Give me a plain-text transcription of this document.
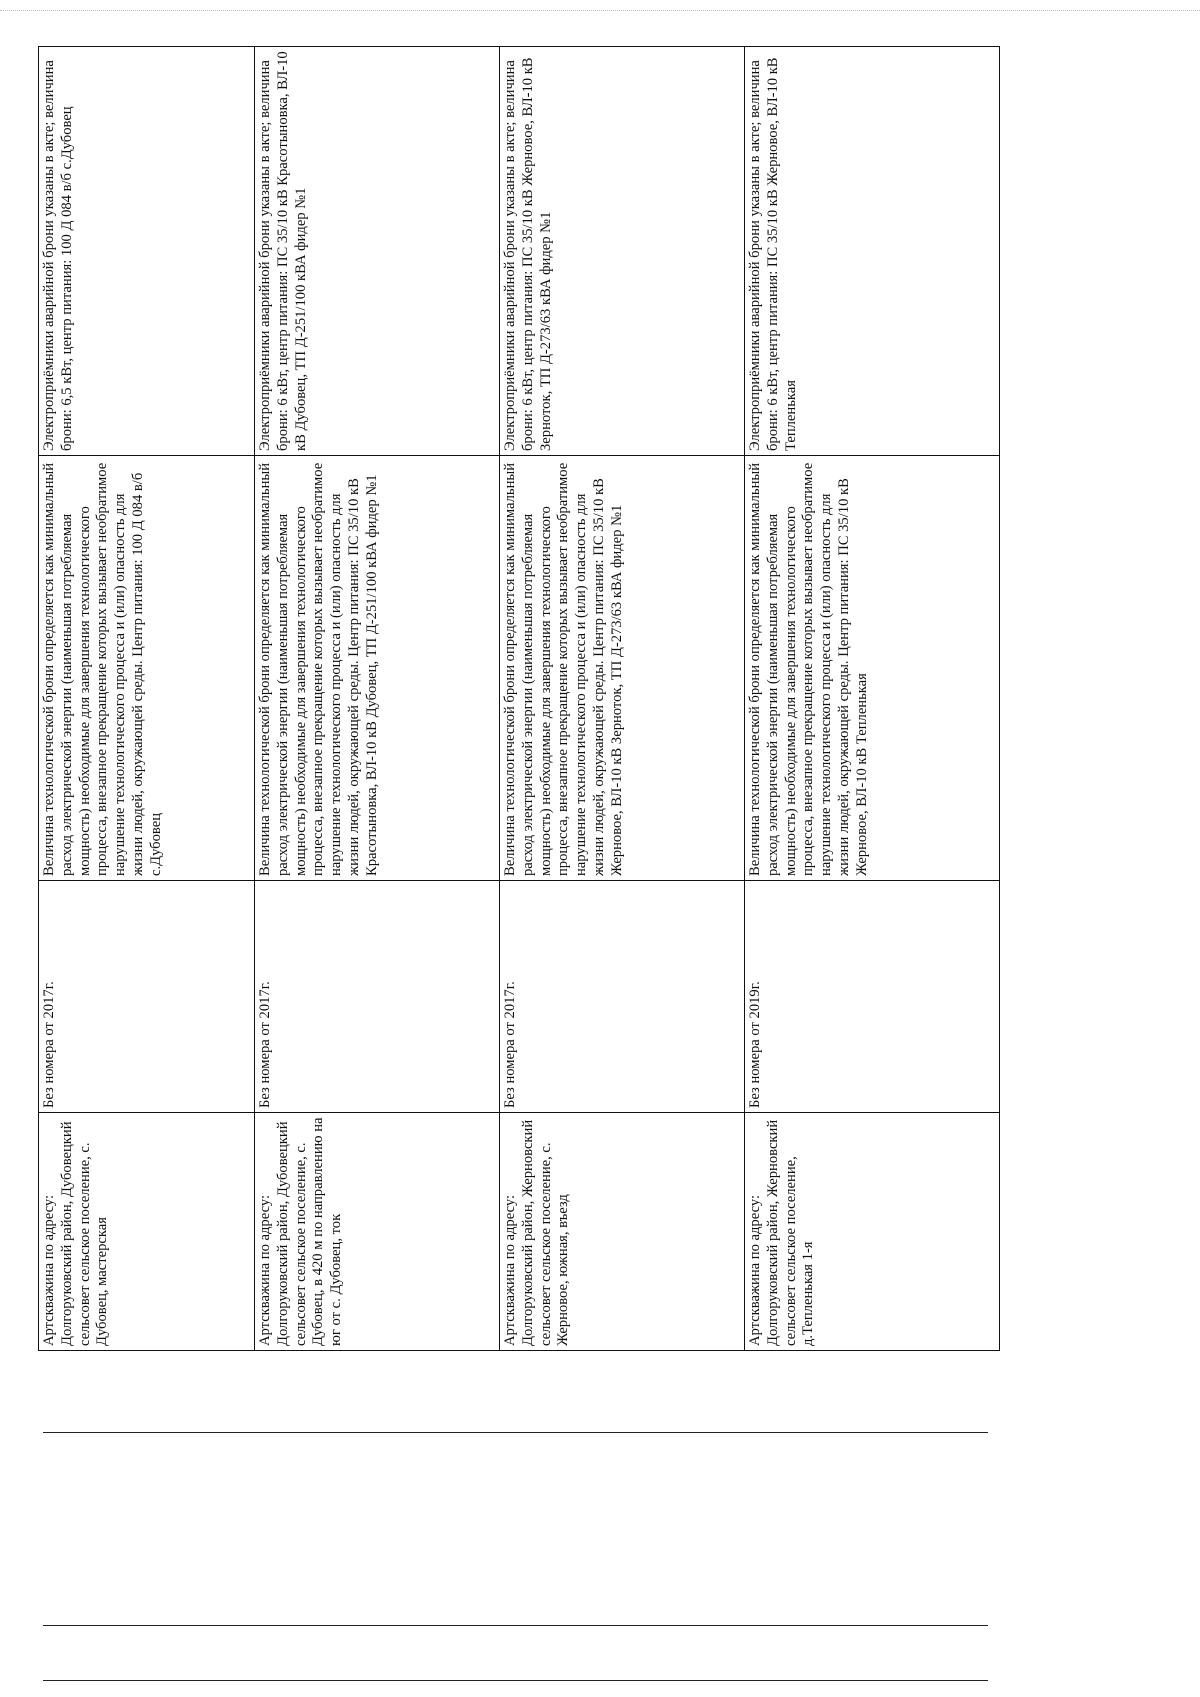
Артскважина по адресу: Долгоруковский район, Дубовецкий сельсовет сельское поселение, с. Дубовец, мастерская	Без номера от 2017г.	Величина технологической брони определяется как минимальный расход электрической энергии (наименьшая потребляемая мощность) необходимые для завершения технологического процесса, внезапное прекращение которых вызывает необратимое нарушение технологического процесса и (или) опасность для жизни людей, окружающей среды. Центр питания: 100 Д 084 в/б с.Дубовец	Электроприёмники аварийной брони указаны в акте; величина брони: 6,5 кВт, центр питания: 100 Д 084 в/б с.Дубовец

Артскважина по адресу: Долгоруковский район, Дубовецкий сельсовет сельское поселение, с. Дубовец, в 420 м по направлению на юг от с. Дубовец, ток	Без номера от 2017г.	Величина технологической брони определяется как минимальный расход электрической энергии (наименьшая потребляемая мощность) необходимые для завершения технологического процесса, внезапное прекращение которых вызывает необратимое нарушение технологического процесса и (или) опасность для жизни людей, окружающей среды. Центр питания: ПС 35/10 кВ Красотыновка, ВЛ-10 кВ Дубовец, ТП Д-251/100 кВА фидер №1	Электроприёмники аварийной брони указаны в акте; величина брони: 6 кВт, центр питания: ПС 35/10 кВ Красотыновка, ВЛ-10 кВ Дубовец, ТП Д-251/100 кВА фидер №1

Артскважина по адресу: Долгоруковский район, Жерновский сельсовет сельское поселение, с. Жерновое, южная, въезд	Без номера от 2017г.	Величина технологической брони определяется как минимальный расход электрической энергии (наименьшая потребляемая мощность) необходимые для завершения технологического процесса, внезапное прекращение которых вызывает необратимое нарушение технологического процесса и (или) опасность для жизни людей, окружающей среды. Центр питания: ПС 35/10 кВ Жерновое, ВЛ-10 кВ Зерноток, ТП Д-273/63 кВА фидер №1	Электроприёмники аварийной брони указаны в акте; величина брони: 6 кВт, центр питания: ПС 35/10 кВ Жерновое, ВЛ-10 кВ Зерноток, ТП Д-273/63 кВА фидер №1

Артскважина по адресу: Долгоруковский район, Жерновский сельсовет сельское поселение, д.Тепленькая 1-я	Без номера от 2019г.	Величина технологической брони определяется как минимальный расход электрической энергии (наименьшая потребляемая мощность) необходимые для завершения технологического процесса, внезапное прекращение которых вызывает необратимое нарушение технологического процесса и (или) опасность для жизни людей, окружающей среды. Центр питания: ПС 35/10 кВ Жерновое, ВЛ-10 кВ Тепленькая	Электроприёмники аварийной брони указаны в акте; величина брони: 6 кВт, центр питания: ПС 35/10 кВ Жерновое, ВЛ-10 кВ Тепленькая
